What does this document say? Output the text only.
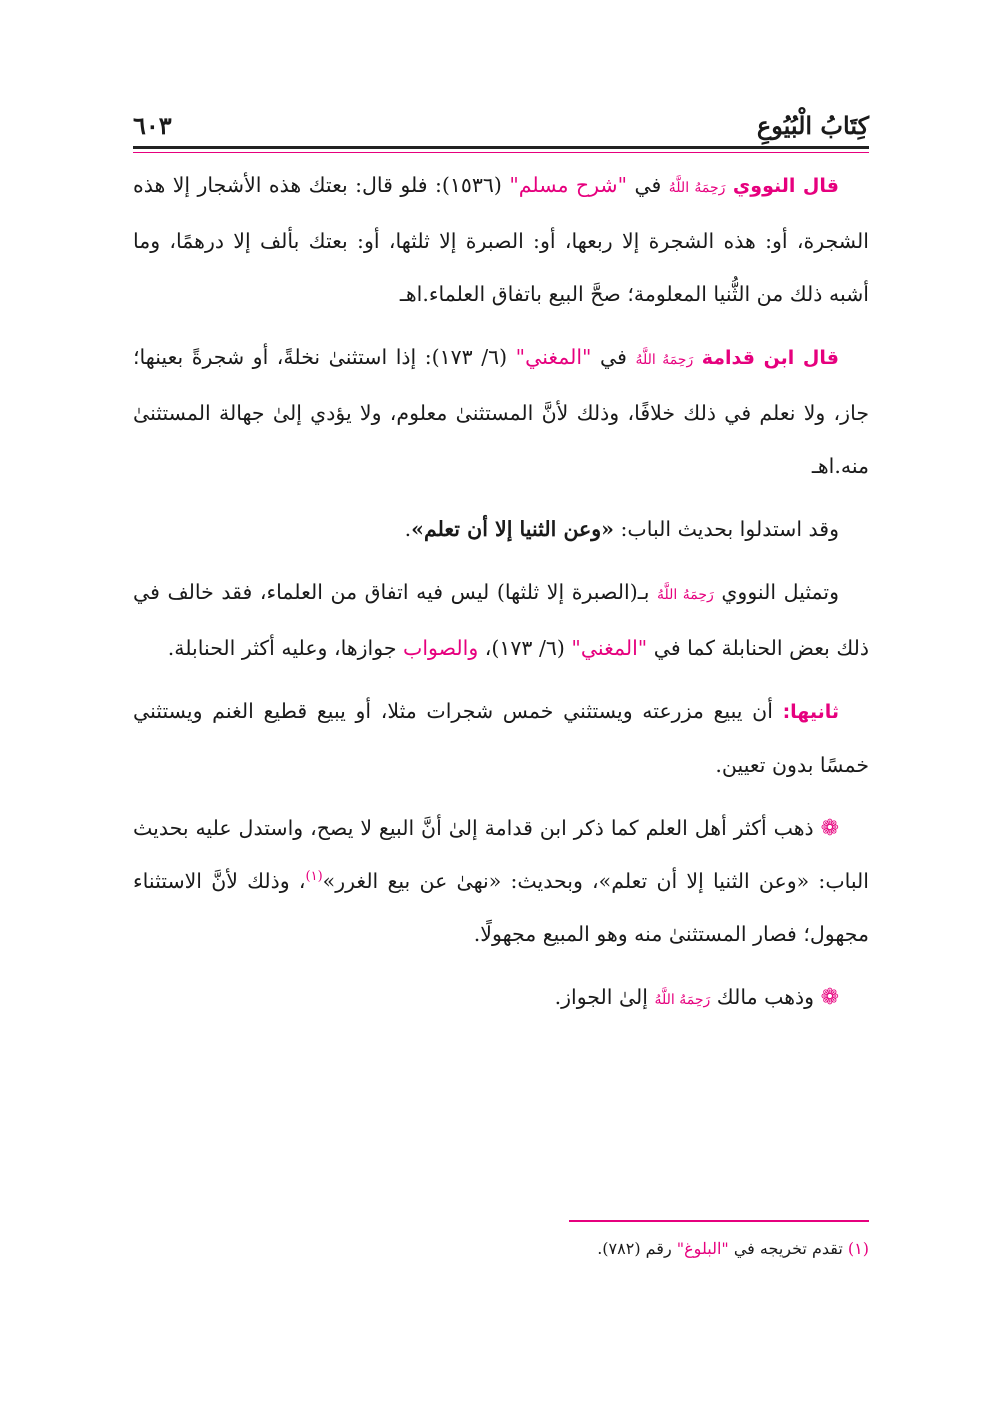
كِتَابُ الْبُيُوعِ
٦٠٣

قال النووي رَحِمَهُ اللَّهُ في "شرح مسلم" (١٥٣٦): فلو قال: بعتك هذه الأشجار إلا هذه الشجرة، أو: هذه الشجرة إلا ربعها، أو: الصبرة إلا ثلثها، أو: بعتك بألف إلا درهمًا، وما أشبه ذلك من الثُّنيا المعلومة؛ صحَّ البيع باتفاق العلماء.اهـ

قال ابن قدامة رَحِمَهُ اللَّهُ في "المغني" (٦/ ١٧٣): إذا استثنىٰ نخلةً، أو شجرةً بعينها؛ جاز، ولا نعلم في ذلك خلافًا، وذلك لأنَّ المستثنىٰ معلوم، ولا يؤدي إلىٰ جهالة المستثنىٰ منه.اهـ

وقد استدلوا بحديث الباب: «وعن الثنيا إلا أن تعلم».

وتمثيل النووي رَحِمَهُ اللَّهُ بـ(الصبرة إلا ثلثها) ليس فيه اتفاق من العلماء، فقد خالف في ذلك بعض الحنابلة كما في "المغني" (٦/ ١٧٣)، والصواب جوازها، وعليه أكثر الحنابلة.

ثانيها: أن يبيع مزرعته ويستثني خمس شجرات مثلا، أو يبيع قطيع الغنم ويستثني خمسًا بدون تعيين.

❁ ذهب أكثر أهل العلم كما ذكر ابن قدامة إلىٰ أنَّ البيع لا يصح، واستدل عليه بحديث الباب: «وعن الثنيا إلا أن تعلم»، وبحديث: «نهىٰ عن بيع الغرر»$^{(١)}$، وذلك لأنَّ الاستثناء مجهول؛ فصار المستثنىٰ منه وهو المبيع مجهولًا.

❁ وذهب مالك رَحِمَهُ اللَّهُ إلىٰ الجواز.

(١) تقدم تخريجه في "البلوغ" رقم (٧٨٢).
